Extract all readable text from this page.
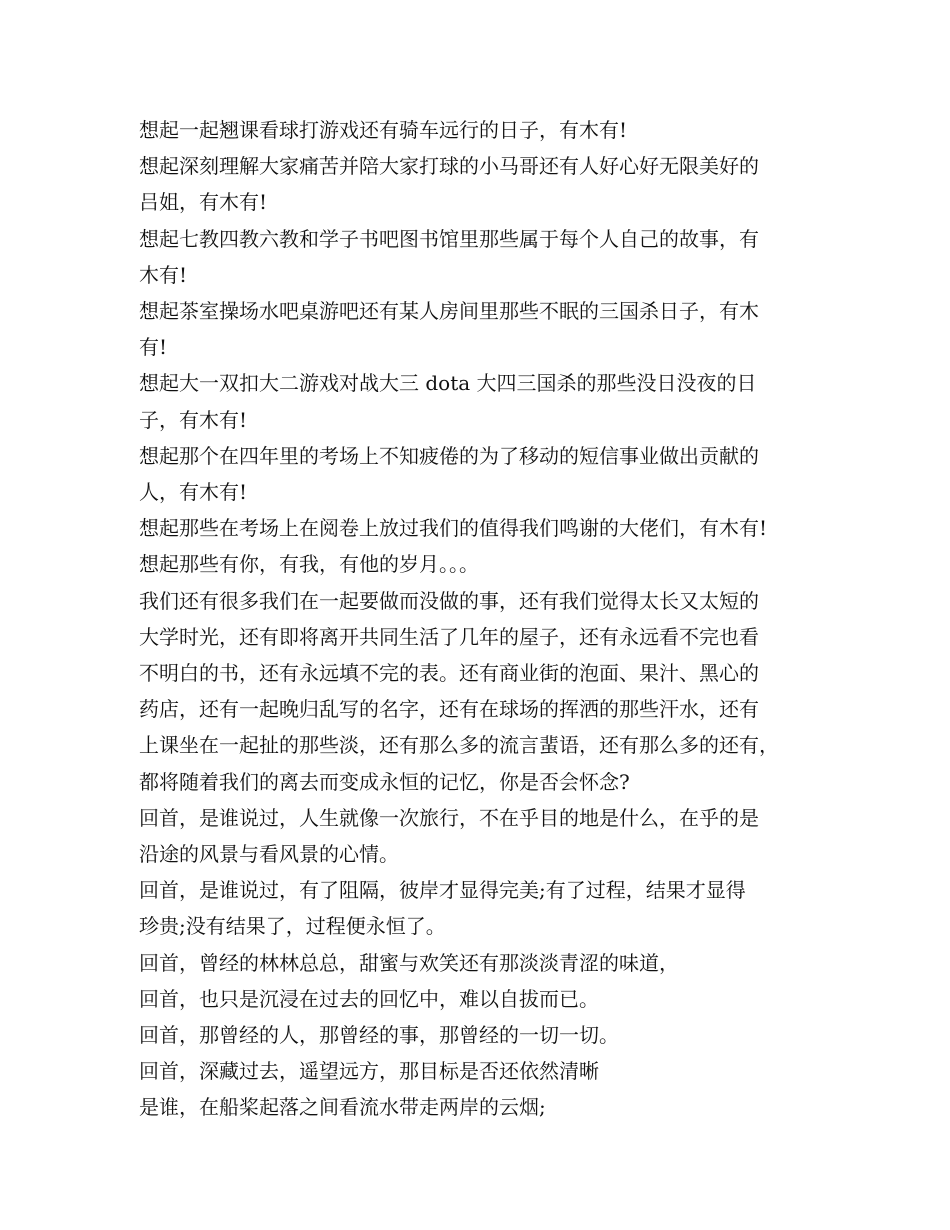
想起一起翘课看球打游戏还有骑车远行的日子，有木有!

想起深刻理解大家痛苦并陪大家打球的小马哥还有人好心好无限美好的
吕姐，有木有!

想起七教四教六教和学子书吧图书馆里那些属于每个人自己的故事，有
木有!

想起茶室操场水吧桌游吧还有某人房间里那些不眠的三国杀日子，有木
有!

想起大一双扣大二游戏对战大三 dota 大四三国杀的那些没日没夜的日
子，有木有!

想起那个在四年里的考场上不知疲倦的为了移动的短信事业做出贡献的
人，有木有!

想起那些在考场上在阅卷上放过我们的值得我们鸣谢的大佬们，有木有!

想起那些有你，有我，有他的岁月。。。

我们还有很多我们在一起要做而没做的事，还有我们觉得太长又太短的
大学时光，还有即将离开共同生活了几年的屋子，还有永远看不完也看
不明白的书，还有永远填不完的表。还有商业街的泡面、果汁、黑心的
药店，还有一起晚归乱写的名字，还有在球场的挥洒的那些汗水，还有
上课坐在一起扯的那些淡，还有那么多的流言蜚语，还有那么多的还有，
都将随着我们的离去而变成永恒的记忆，你是否会怀念?

回首，是谁说过，人生就像一次旅行，不在乎目的地是什么，在乎的是
沿途的风景与看风景的心情。

回首，是谁说过，有了阻隔，彼岸才显得完美;有了过程，结果才显得
珍贵;没有结果了，过程便永恒了。

回首，曾经的林林总总，甜蜜与欢笑还有那淡淡青涩的味道，

回首，也只是沉浸在过去的回忆中，难以自拔而已。

回首，那曾经的人，那曾经的事，那曾经的一切一切。

回首，深藏过去，遥望远方，那目标是否还依然清晰

是谁，在船桨起落之间看流水带走两岸的云烟;
